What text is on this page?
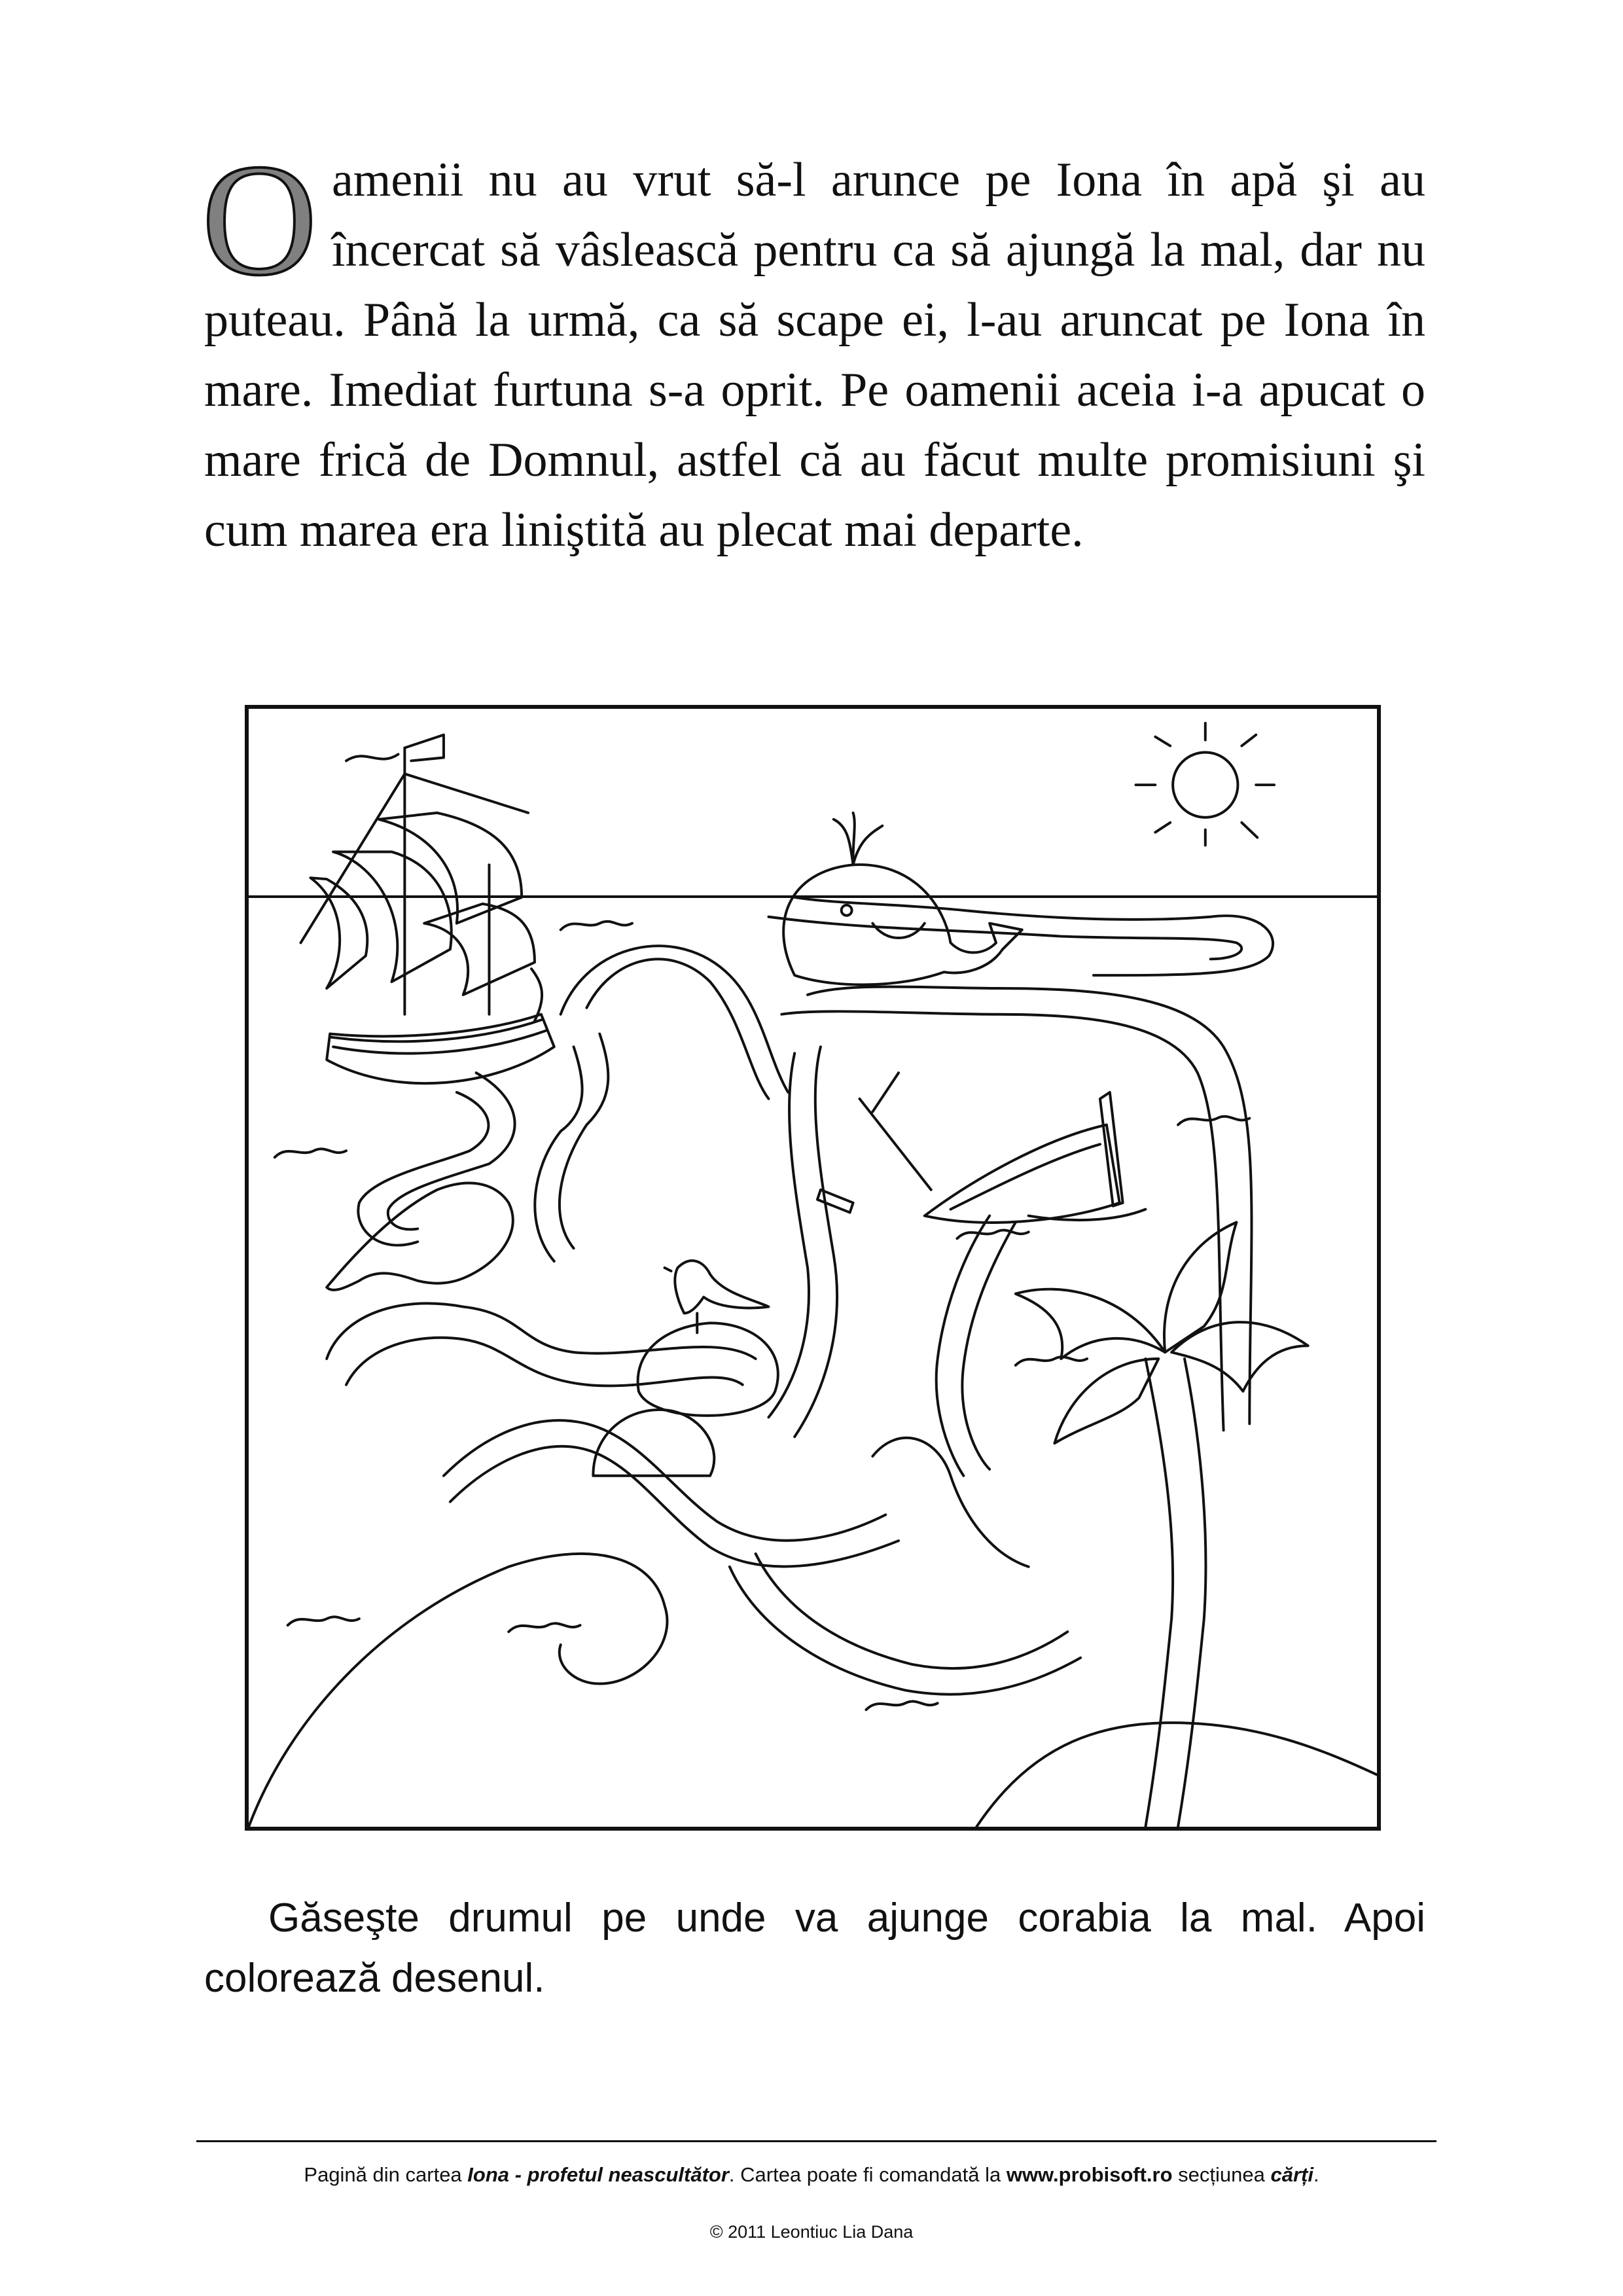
Oamenii nu au vrut să-l arunce pe Iona în apă şi au încercat să vâslească pentru ca să ajungă la mal, dar nu puteau. Până la urmă, ca să scape ei, l-au aruncat pe Iona în mare. Imediat furtuna s-a oprit. Pe oamenii aceia i-a apucat o mare frică de Domnul, astfel că au făcut multe promisiuni şi cum marea era liniştită au plecat mai departe.
Găseşte drumul pe unde va ajunge corabia la mal. Apoi colorează desenul.
Pagină din cartea Iona - profetul neascultător. Cartea poate fi comandată la www.probisoft.ro secțiunea cărți.
© 2011 Leontiuc Lia Dana
